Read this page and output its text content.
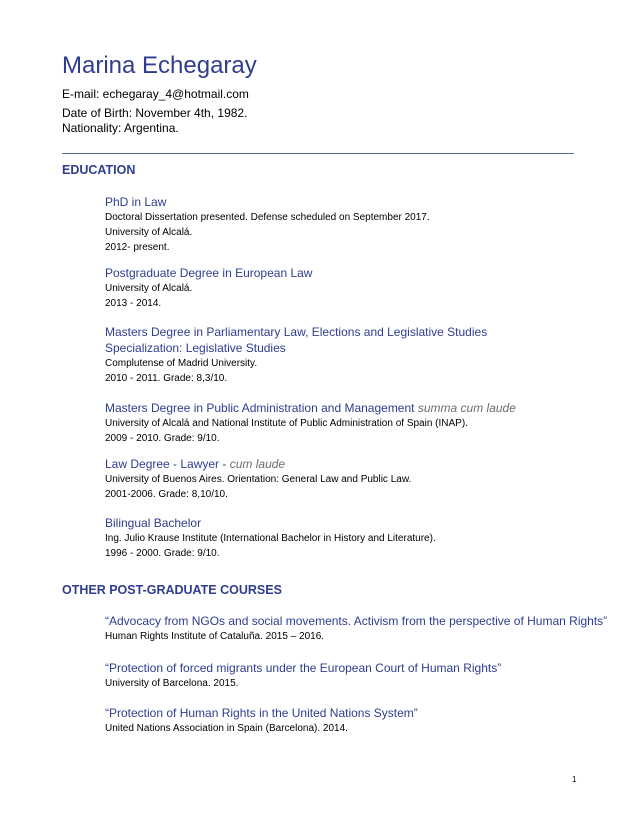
Marina Echegaray
E-mail: echegaray_4@hotmail.com
Date of Birth: November 4th, 1982.
Nationality: Argentina.
EDUCATION
PhD in Law
Doctoral Dissertation presented. Defense scheduled on September 2017.
University of Alcalá.
2012- present.
Postgraduate Degree in European Law
University of Alcalá.
2013 - 2014.
Masters Degree in Parliamentary Law, Elections and Legislative Studies
Specialization: Legislative Studies
Complutense of Madrid University.
2010 - 2011. Grade: 8,3/10.
Masters Degree in Public Administration and Management summa cum laude
University of Alcalá and National Institute of Public Administration of Spain (INAP).
2009 - 2010. Grade: 9/10.
Law Degree - Lawyer - cum laude
University of Buenos Aires. Orientation: General Law and Public Law.
2001-2006. Grade: 8,10/10.
Bilingual Bachelor
Ing. Julio Krause Institute (International Bachelor in History and Literature).
1996 - 2000. Grade: 9/10.
OTHER POST-GRADUATE COURSES
“Advocacy from NGOs and social movements. Activism from the perspective of Human Rights”
Human Rights Institute of Cataluña. 2015 – 2016.
“Protection of forced migrants under the European Court of Human Rights”
University of Barcelona. 2015.
“Protection of Human Rights in the United Nations System”
United Nations Association in Spain (Barcelona). 2014.
1
